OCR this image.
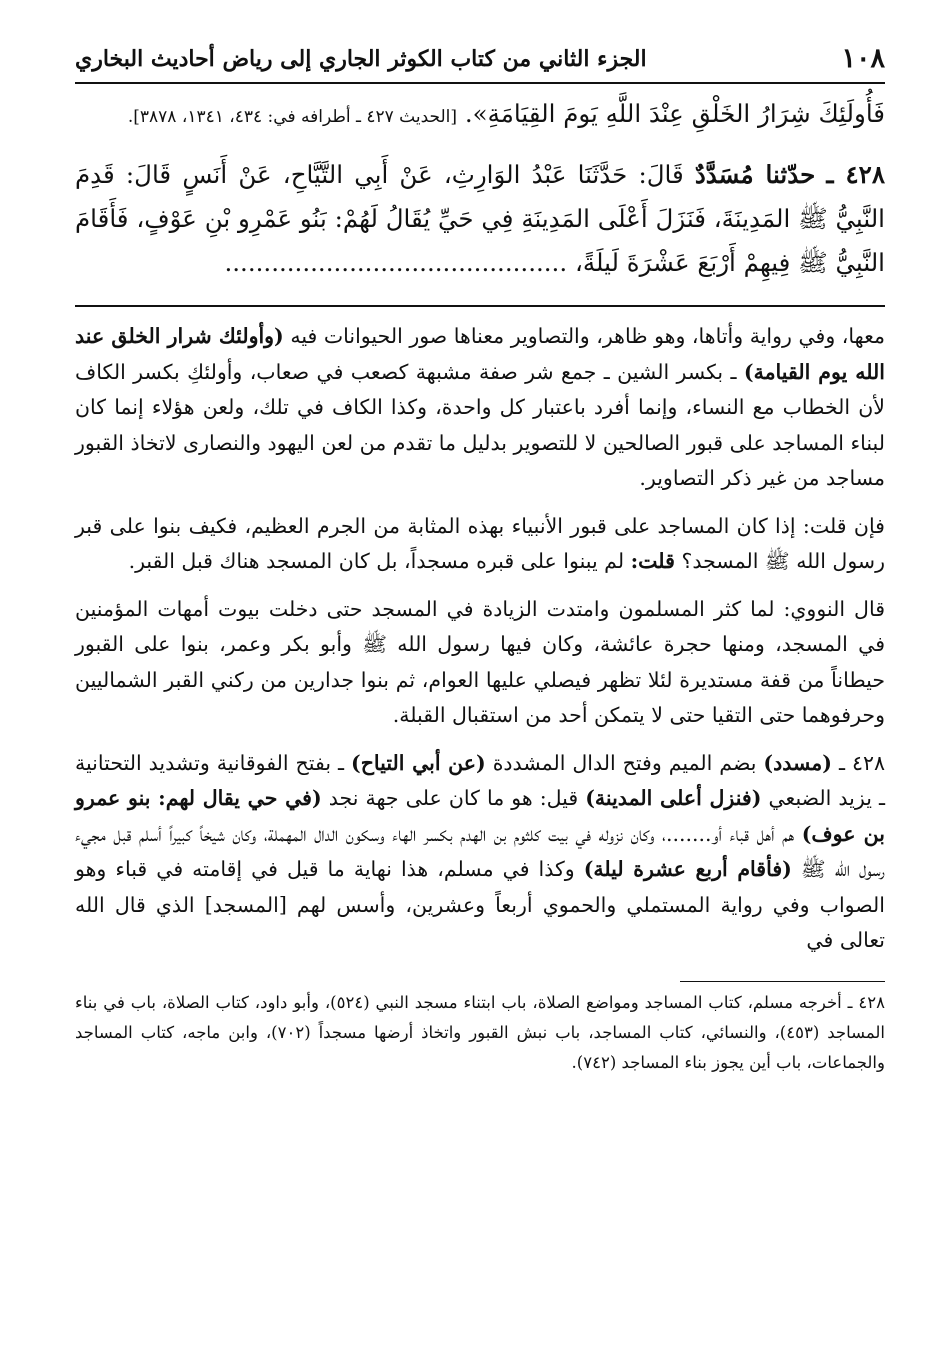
١٠٨
الجزء الثاني من كتاب الكوثر الجاري إلى رياض أحاديث البخاري

فَأُولَئِكَ شِرَارُ الخَلْقِ عِنْدَ اللَّهِ يَومَ القِيَامَةِ». [الحديث ٤٢٧ ـ أطرافه في: ٤٣٤، ١٣٤١، ٣٨٧٨].

٤٢٨ ـ حدّثنا مُسَدَّدٌ قَالَ: حَدَّثَنَا عَبْدُ الوَارِثِ، عَنْ أَبِي التَّيَّاحِ، عَنْ أَنَسٍ قَالَ: قَدِمَ النَّبِيُّ ﷺ المَدِينَةَ، فَنَزَلَ أَعْلَى المَدِينَةِ فِي حَيِّ يُقَالُ لَهُمْ: بَنُو عَمْرِو بْنِ عَوْفٍ، فَأَقَامَ النَّبِيُّ ﷺ فِيهِمْ أَرْبَعَ عَشْرَةَ لَيلَةً، ............................................

معها، وفي رواية وأتاها، وهو ظاهر، والتصاوير معناها صور الحيوانات فيه (وأولئك شرار الخلق عند الله يوم القيامة) ـ بكسر الشين ـ جمع شر صفة مشبهة كصعب في صعاب، وأولئكِ بكسر الكاف لأن الخطاب مع النساء، وإنما أفرد باعتبار كل واحدة، وكذا الكاف في تلك، ولعن هؤلاء إنما كان لبناء المساجد على قبور الصالحين لا للتصوير بدليل ما تقدم من لعن اليهود والنصارى لاتخاذ القبور مساجد من غير ذكر التصاوير.

فإن قلت: إذا كان المساجد على قبور الأنبياء بهذه المثابة من الجرم العظيم، فكيف بنوا على قبر رسول الله ﷺ المسجد؟ قلت: لم يبنوا على قبره مسجداً، بل كان المسجد هناك قبل القبر.

قال النووي: لما كثر المسلمون وامتدت الزيادة في المسجد حتى دخلت بيوت أمهات المؤمنين في المسجد، ومنها حجرة عائشة، وكان فيها رسول الله ﷺ وأبو بكر وعمر، بنوا على القبور حيطاناً من قفة مستديرة لئلا تظهر فيصلي عليها العوام، ثم بنوا جدارين من ركني القبر الشماليين وحرفوهما حتى التقيا حتى لا يتمكن أحد من استقبال القبلة.

٤٢٨ ـ (مسدد) بضم الميم وفتح الدال المشددة (عن أبي التياح) ـ بفتح الفوقانية وتشديد التحتانية ـ يزيد الضبعي (فنزل أعلى المدينة) قيل: هو ما كان على جهة نجد (في حي يقال لهم: بنو عمرو بن عوف) هم أهل قباء أو.......، وكان نزوله في بيت كلثوم بن الهدم بكسر الهاء وسكون الدال المهملة، وكان شيخاً كبيراً أسلم قبل مجيء رسول الله ﷺ (فأقام أربع عشرة ليلة) وكذا في مسلم، هذا نهاية ما قيل في إقامته في قباء وهو الصواب وفي رواية المستملي والحموي أربعاً وعشرين، وأسس لهم [المسجد] الذي قال الله تعالى في

٤٢٨ ـ أخرجه مسلم، كتاب المساجد ومواضع الصلاة، باب ابتناء مسجد النبي (٥٢٤)، وأبو داود، كتاب الصلاة، باب في بناء المساجد (٤٥٣)، والنسائي، كتاب المساجد، باب نبش القبور واتخاذ أرضها مسجداً (٧٠٢)، وابن ماجه، كتاب المساجد والجماعات، باب أين يجوز بناء المساجد (٧٤٢).
